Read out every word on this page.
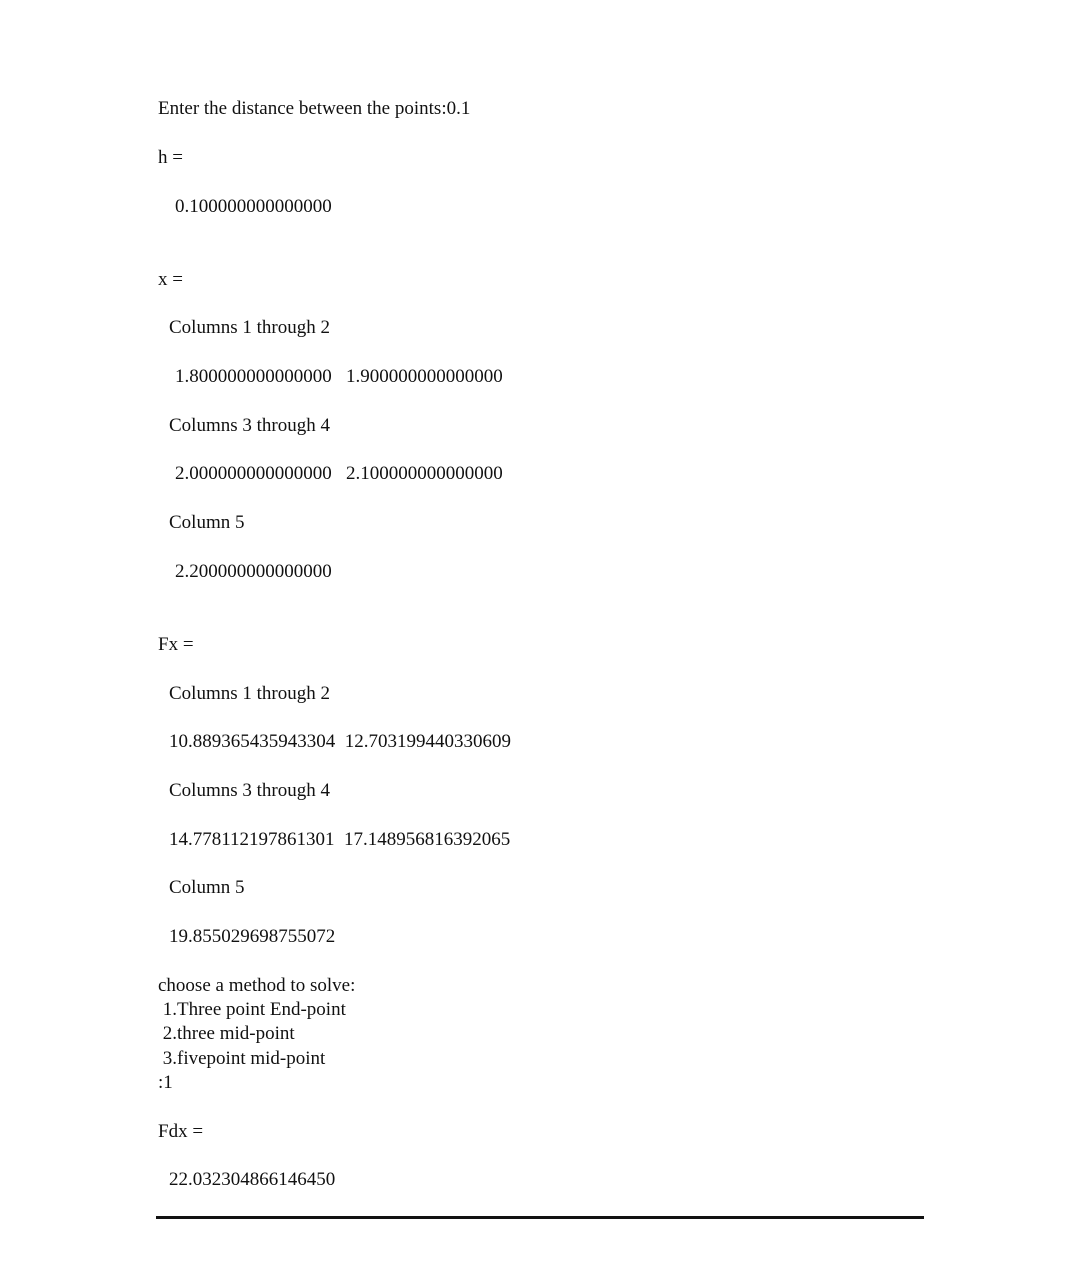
Enter the distance between the points:0.1

h =

0.100000000000000

x =

Columns 1 through 2

1.800000000000000   1.900000000000000

Columns 3 through 4

2.000000000000000   2.100000000000000

Column 5

2.200000000000000

Fx =

Columns 1 through 2

10.889365435943304  12.703199440330609

Columns 3 through 4

14.778112197861301  17.148956816392065

Column 5

19.855029698755072

choose a method to solve:

1.Three point End-point

2.three mid-point

3.fivepoint mid-point

:1

Fdx =

22.032304866146450
